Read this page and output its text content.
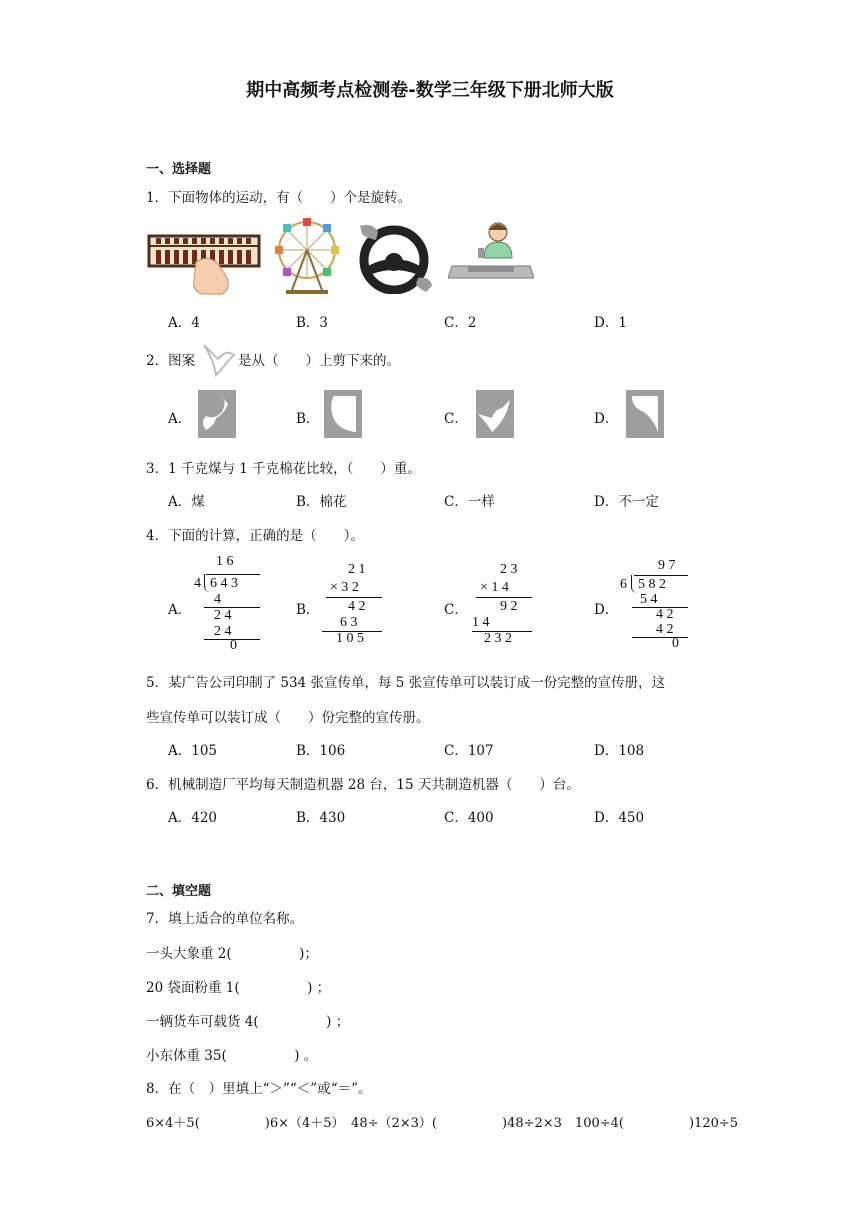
期中高频考点检测卷-数学三年级下册北师大版
一、选择题
1．下面物体的运动，有（　　）个是旋转。
A．4	B．3	C．2	D．1
2．图案	是从（　　）上剪下来的。
A．	B．	C．	D．
3．1 千克煤与 1 千克棉花比较，（　　）重。
A．煤	B．棉花	C．一样	D．不一定
4．下面的计算，正确的是（　　）。
A．
1 6
4 6 4 3
4
2 4
2 4
0
B．
2 1
× 3 2
4 2
6 3
1 0 5
C．
2 3
× 1 4
9 2
1 4
2 3 2
D．
9 7
6 5 8 2
5 4
4 2
4 2
0
5．某广告公司印制了 534 张宣传单，每 5 张宣传单可以装订成一份完整的宣传册，这
些宣传单可以装订成（　　）份完整的宣传册。
A．105	B．106	C．107	D．108
6．机械制造厂平均每天制造机器 28 台，15 天共制造机器（　　）台。
A．420	B．430	C．400	D．450
二、填空题
7．填上适合的单位名称。
一头大象重 2(　　　　　)；
20 袋面粉重 1(　　　　　) ；
一辆货车可载货 4(　　　　　) ；
小东体重 35(　　　　　) 。
8．在（　）里填上“＞”“＜”或“＝”。
6×4＋5(　　　　　)6×（4＋5）　48÷（2×3）(　　　　　)48÷2×3　100÷4(　　　　　)120÷5
